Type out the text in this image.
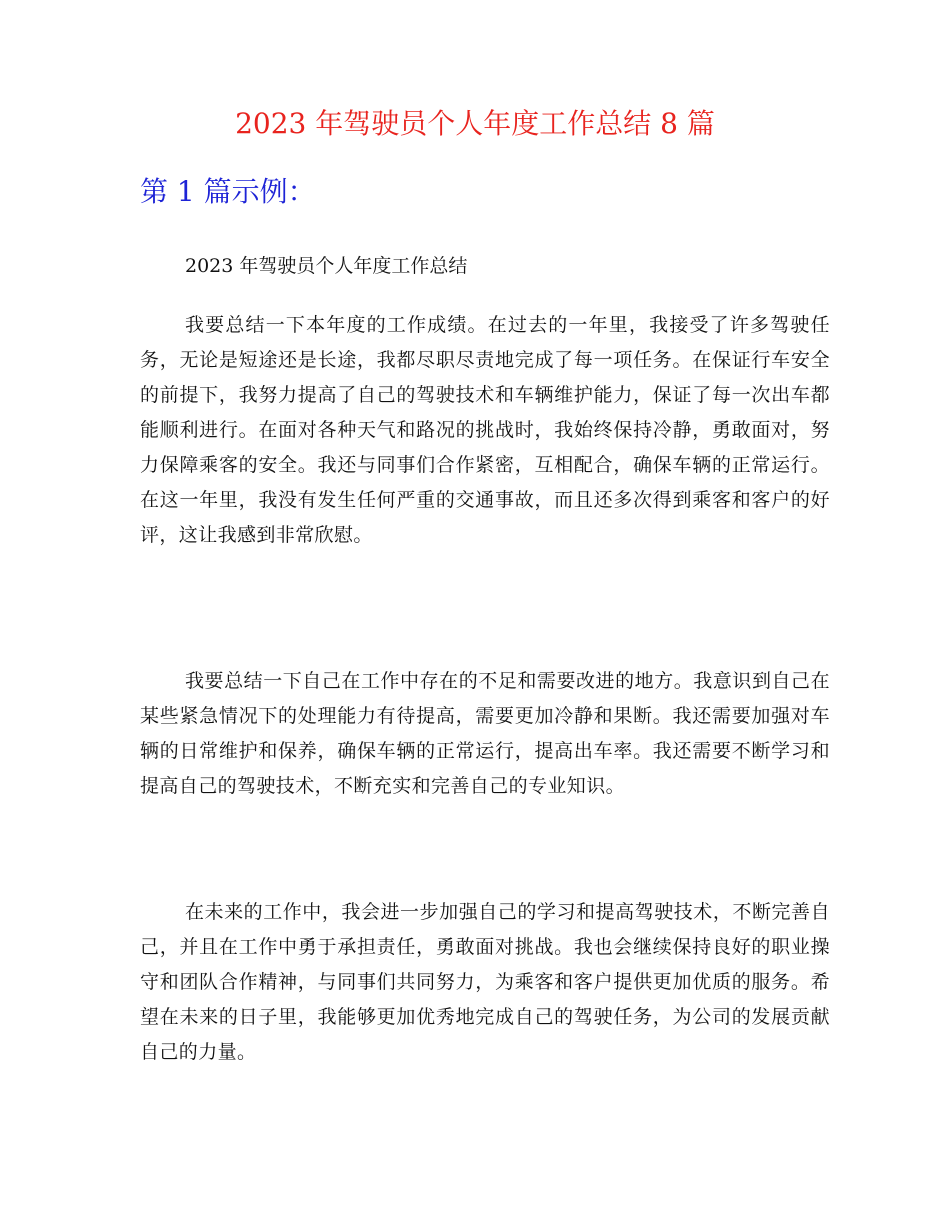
2023 年驾驶员个人年度工作总结 8 篇
第 1 篇示例：

2023 年驾驶员个人年度工作总结

我要总结一下本年度的工作成绩。在过去的一年里，我接受了许多驾驶任务，无论是短途还是长途，我都尽职尽责地完成了每一项任务。在保证行车安全的前提下，我努力提高了自己的驾驶技术和车辆维护能力，保证了每一次出车都能顺利进行。在面对各种天气和路况的挑战时，我始终保持冷静，勇敢面对，努力保障乘客的安全。我还与同事们合作紧密，互相配合，确保车辆的正常运行。在这一年里，我没有发生任何严重的交通事故，而且还多次得到乘客和客户的好评，这让我感到非常欣慰。

我要总结一下自己在工作中存在的不足和需要改进的地方。我意识到自己在某些紧急情况下的处理能力有待提高，需要更加冷静和果断。我还需要加强对车辆的日常维护和保养，确保车辆的正常运行，提高出车率。我还需要不断学习和提高自己的驾驶技术，不断充实和完善自己的专业知识。

在未来的工作中，我会进一步加强自己的学习和提高驾驶技术，不断完善自己，并且在工作中勇于承担责任，勇敢面对挑战。我也会继续保持良好的职业操守和团队合作精神，与同事们共同努力，为乘客和客户提供更加优质的服务。希望在未来的日子里，我能够更加优秀地完成自己的驾驶任务，为公司的发展贡献自己的力量。
